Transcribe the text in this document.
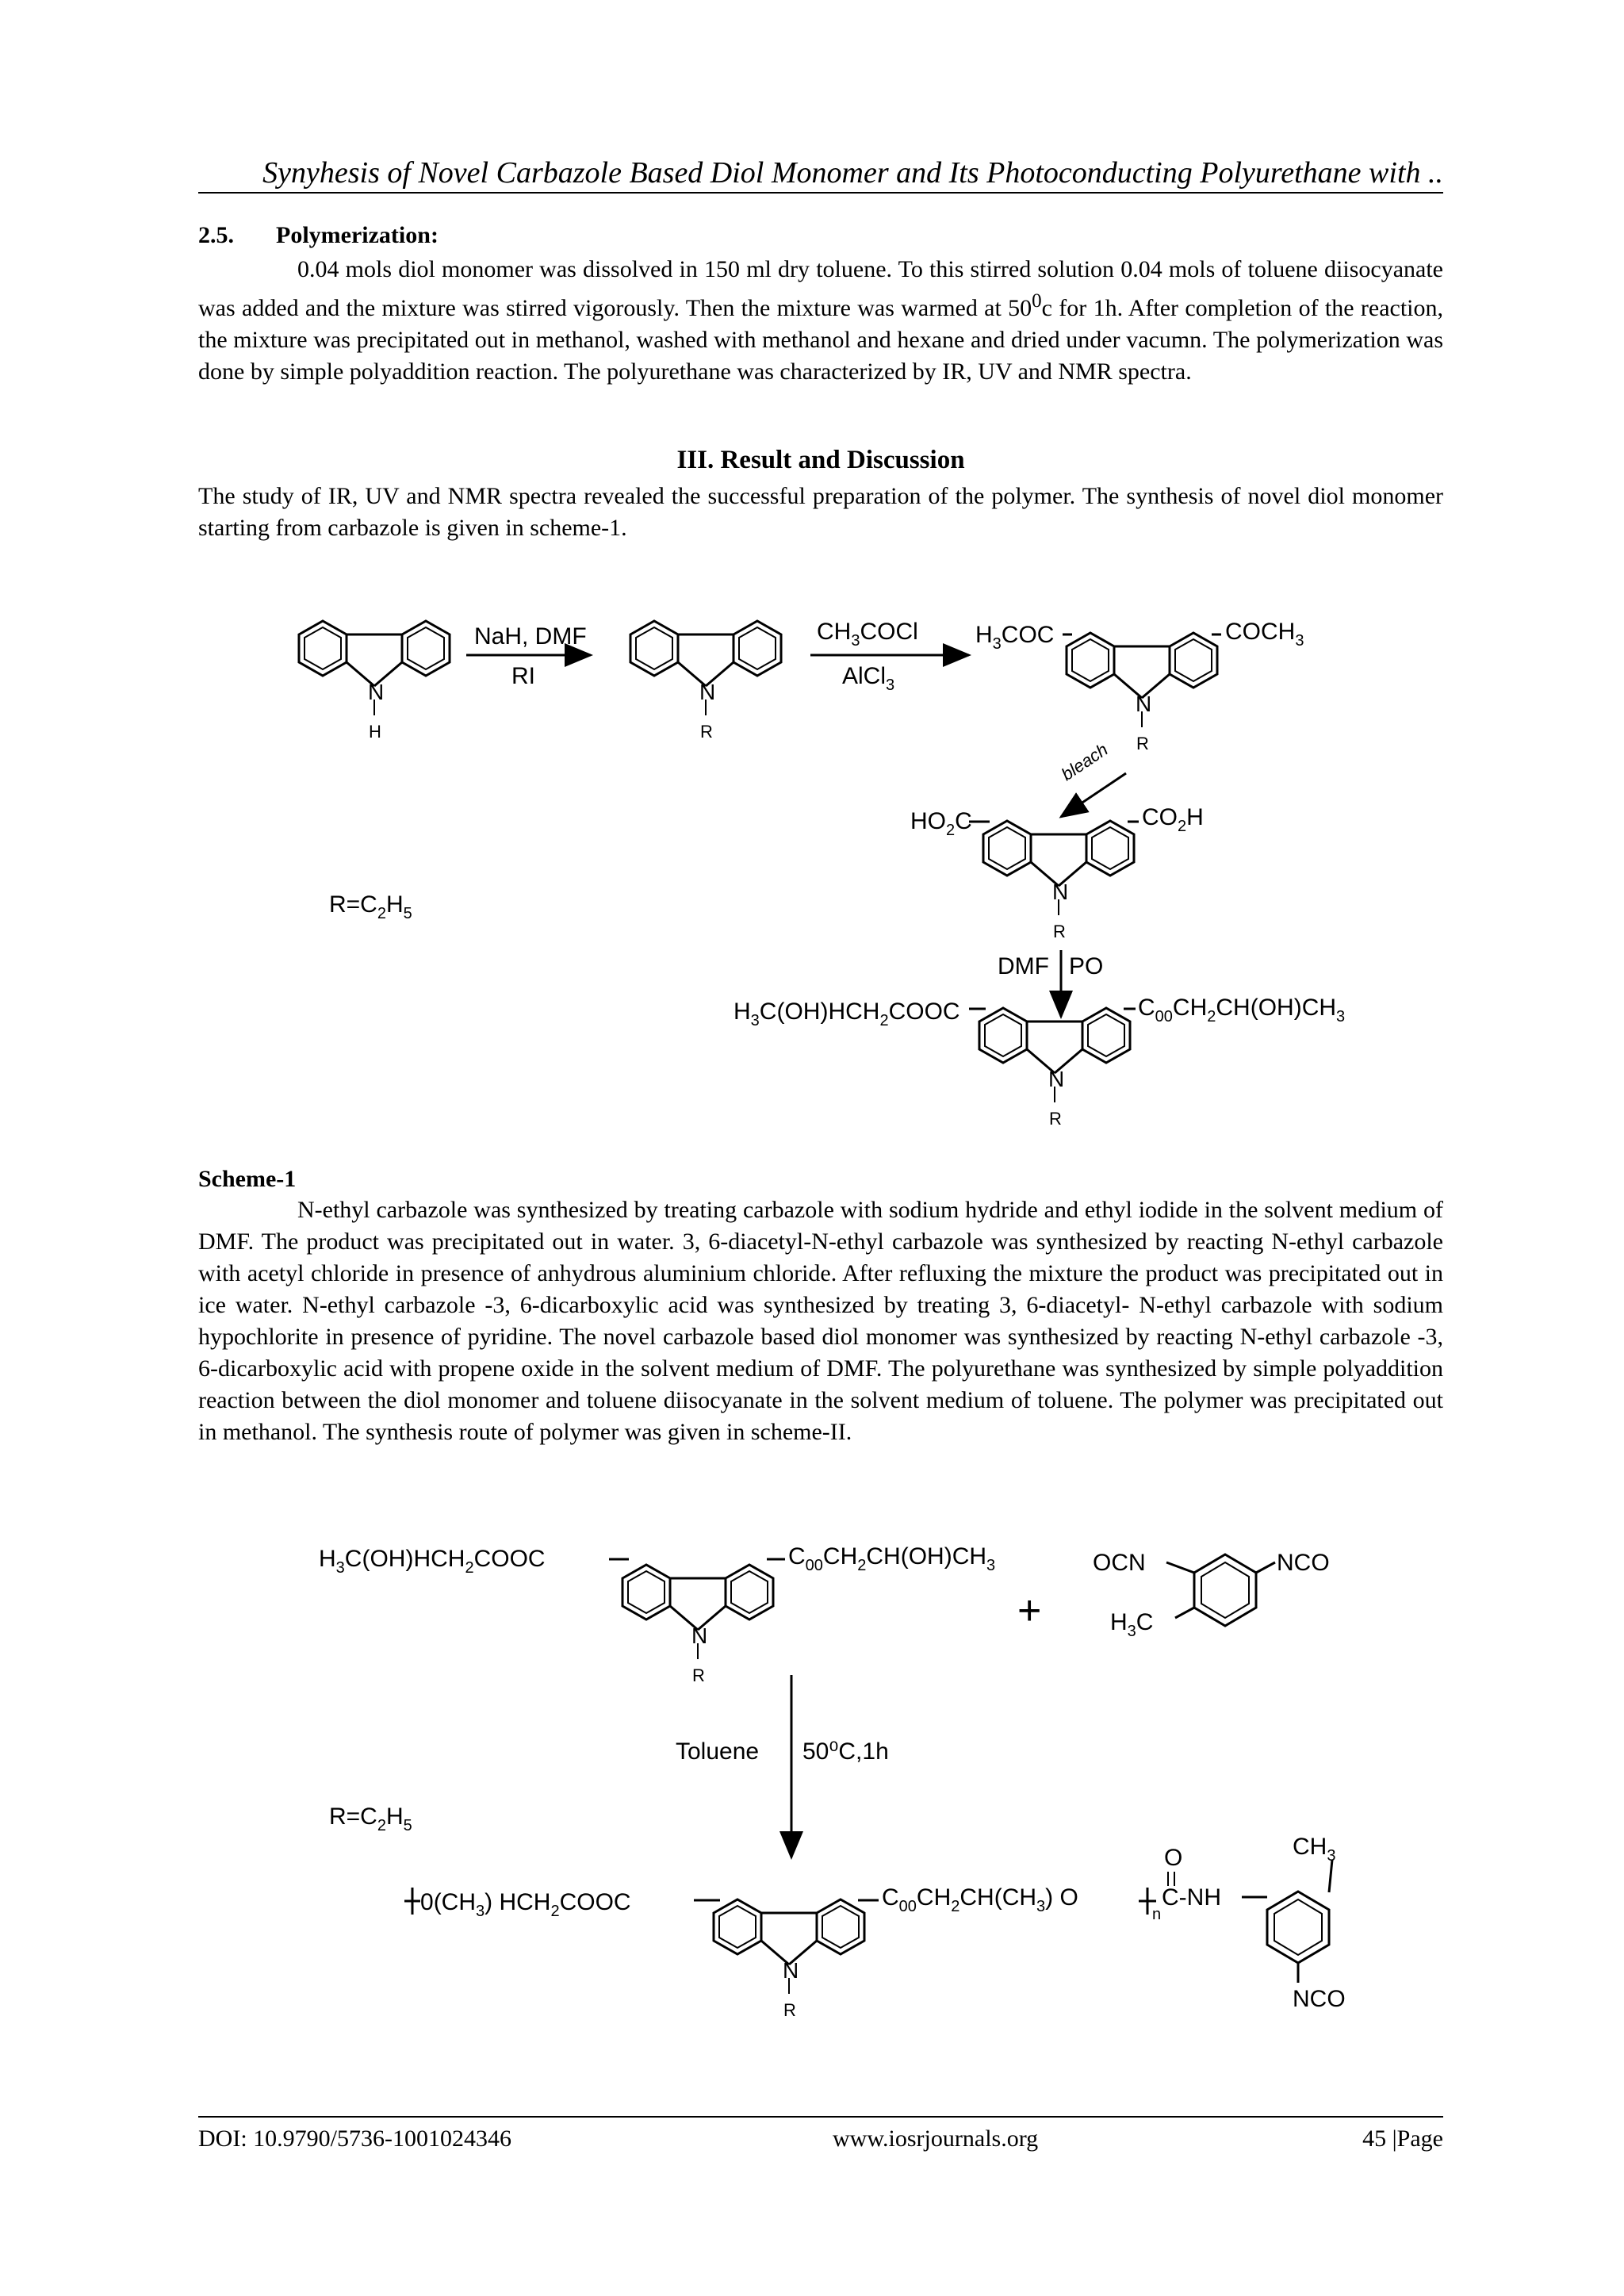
Synyhesis of Novel Carbazole Based Diol Monomer and Its Photoconducting Polyurethane with ..
2.5. Polymerization:
0.04 mols diol monomer was dissolved in 150 ml dry toluene. To this stirred solution 0.04 mols of toluene diisocyanate was added and the mixture was stirred vigorously. Then the mixture was warmed at $50^0c$ for 1h. After completion of the reaction, the mixture was precipitated out in methanol, washed with methanol and hexane and dried under vacumn. The polymerization was done by simple polyaddition reaction. The polyurethane was characterized by IR, UV and NMR spectra.
III. Result and Discussion
The study of IR, UV and NMR spectra revealed the successful preparation of the polymer. The synthesis of novel diol monomer starting from carbazole is given in scheme-1.
N
H
NaH, DMF
RI
N
R
$CH_3COCl$
AlCl$_3$
N
R
$H_3COC$	$COCH_3$
bleach
N
R
$HO_2C$	$CO_2H$
$R=C_2H_5$
DMF PO
N
R
$H_3C(OH)HCH_2COOC$	$C_{00}CH_2CH(OH)CH_3$
Scheme-1
N-ethyl carbazole was synthesized by treating carbazole with sodium hydride and ethyl iodide in the solvent medium of DMF. The product was precipitated out in water. 3, 6-diacetyl-N-ethyl carbazole was synthesized by reacting N-ethyl carbazole with acetyl chloride in presence of anhydrous aluminium chloride. After refluxing the mixture the product was precipitated out in ice water. N-ethyl carbazole -3, 6-dicarboxylic acid was synthesized by treating 3, 6-diacetyl- N-ethyl carbazole with sodium hypochlorite in presence of pyridine. The novel carbazole based diol monomer was synthesized by reacting N-ethyl carbazole -3, 6-dicarboxylic acid with propene oxide in the solvent medium of DMF. The polyurethane was synthesized by simple polyaddition reaction between the diol monomer and toluene diisocyanate in the solvent medium of toluene. The polymer was precipitated out in methanol. The synthesis route of polymer was given in scheme-II.
N
R
$H_3C(OH)HCH_2COOC$	$C_{00}CH_2CH(OH)CH_3$
+
OCN	NCO
$H_3C$
Toluene 50⁰C,1h
$R=C_2H_5$
N
R
$0(CH_3)$ $HCH_2COOC$	$C_{00}CH_2CH(CH_3)$ O
n
O
C-NH
$CH_3$
NCO
DOI: 10.9790/5736-1001024346	www.iosrjournals.org	45 |Page
